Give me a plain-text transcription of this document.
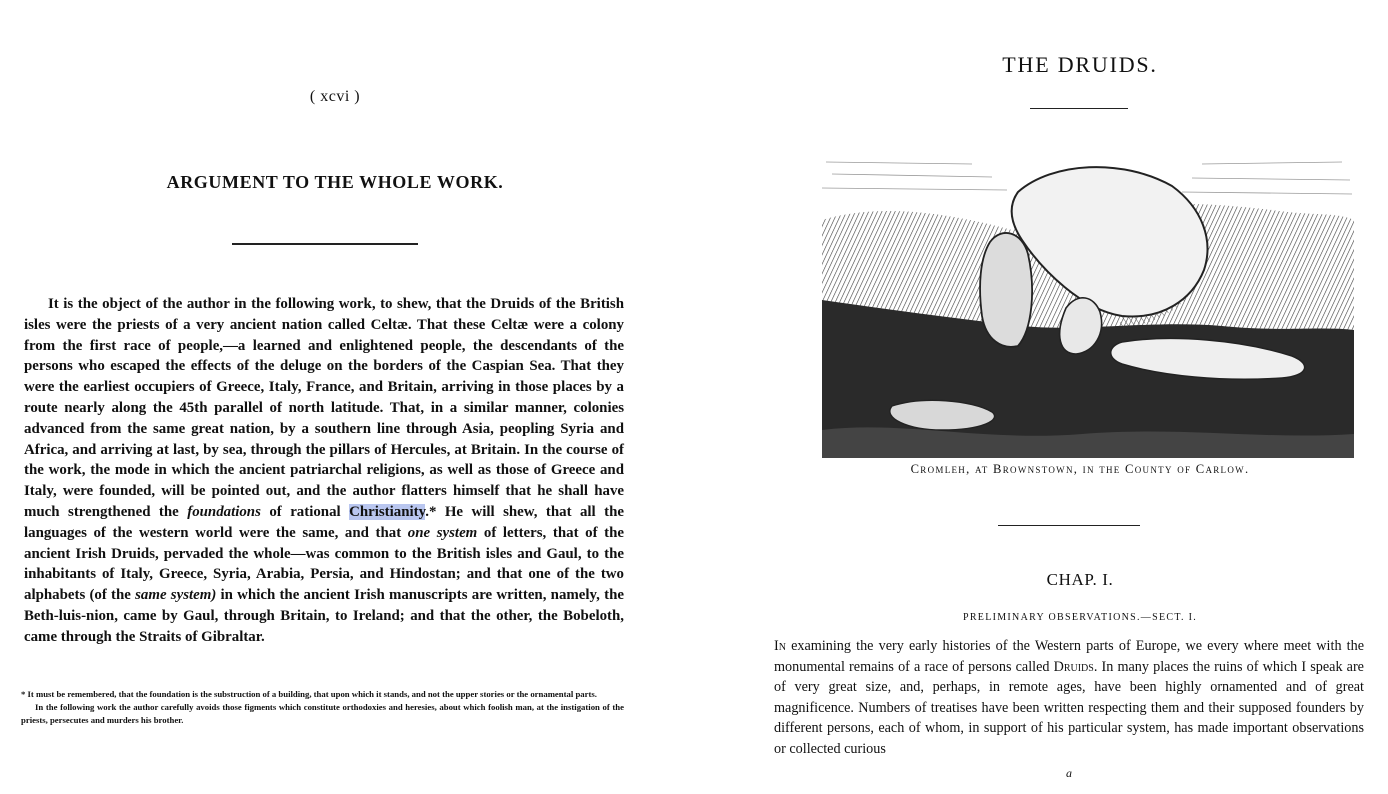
( xcvi )
ARGUMENT TO THE WHOLE WORK.

It is the object of the author in the following work, to shew, that the Druids of the British isles were the priests of a very ancient nation called Celtæ. That these Celtæ were a colony from the first race of people,—a learned and enlightened people, the descendants of the persons who escaped the effects of the deluge on the borders of the Caspian Sea. That they were the earliest occupiers of Greece, Italy, France, and Britain, arriving in those places by a route nearly along the 45th parallel of north latitude. That, in a similar manner, colonies advanced from the same great nation, by a southern line through Asia, peopling Syria and Africa, and arriving at last, by sea, through the pillars of Hercules, at Britain. In the course of the work, the mode in which the ancient patriarchal religions, as well as those of Greece and Italy, were founded, will be pointed out, and the author flatters himself that he shall have much strengthened the foundations of rational Christianity.* He will shew, that all the languages of the western world were the same, and that one system of letters, that of the ancient Irish Druids, pervaded the whole—was common to the British isles and Gaul, to the inhabitants of Italy, Greece, Syria, Arabia, Persia, and Hindostan; and that one of the two alphabets (of the same system) in which the ancient Irish manuscripts are written, namely, the Beth-luis-nion, came by Gaul, through Britain, to Ireland; and that the other, the Bobeloth, came through the Straits of Gibraltar.

* It must be remembered, that the foundation is the substruction of a building, that upon which it stands, and not the upper stories or the ornamental parts.

In the following work the author carefully avoids those figments which constitute orthodoxies and heresies, about which foolish man, at the instigation of the priests, persecutes and murders his brother.

THE DRUIDS.
Cromleh, at Brownstown, in the County of Carlow.
CHAP. I.
PRELIMINARY OBSERVATIONS.—SECT. I.

In examining the very early histories of the Western parts of Europe, we every where meet with the monumental remains of a race of persons called Druids. In many places the ruins of which I speak are of very great size, and, perhaps, in remote ages, have been highly ornamented and of great magnificence. Numbers of treatises have been written respecting them and their supposed founders by different persons, each of whom, in support of his particular system, has made important observations or collected curious

a
